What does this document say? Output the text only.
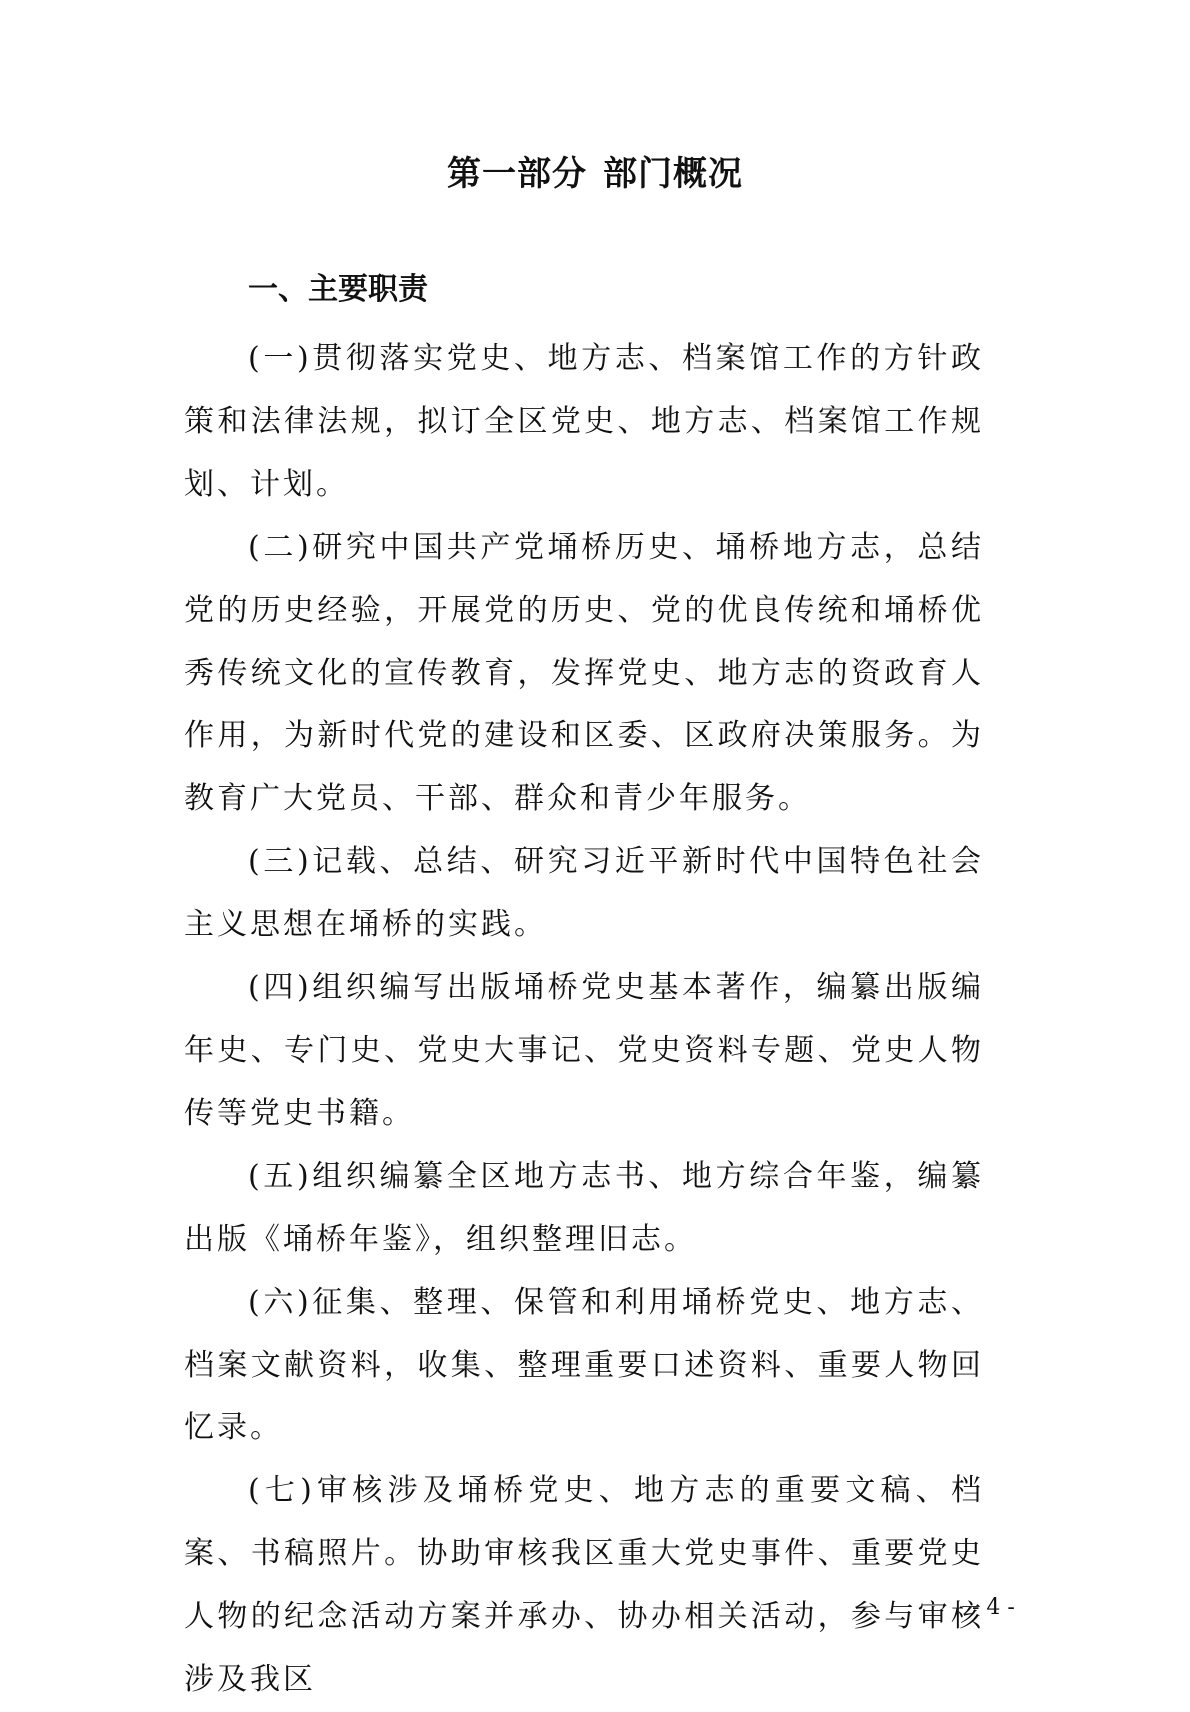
第一部分 部门概况
一、主要职责

(一)贯彻落实党史、地方志、档案馆工作的方针政策和法律法规，拟订全区党史、地方志、档案馆工作规划、计划。

(二)研究中国共产党埇桥历史、埇桥地方志，总结党的历史经验，开展党的历史、党的优良传统和埇桥优秀传统文化的宣传教育，发挥党史、地方志的资政育人作用，为新时代党的建设和区委、区政府决策服务。为教育广大党员、干部、群众和青少年服务。

(三)记载、总结、研究习近平新时代中国特色社会主义思想在埇桥的实践。

(四)组织编写出版埇桥党史基本著作，编纂出版编年史、专门史、党史大事记、党史资料专题、党史人物传等党史书籍。

(五)组织编纂全区地方志书、地方综合年鉴，编纂出版《埇桥年鉴》，组织整理旧志。

(六)征集、整理、保管和利用埇桥党史、地方志、档案文献资料，收集、整理重要口述资料、重要人物回忆录。

(七)审核涉及埇桥党史、地方志的重要文稿、档案、书稿照片。协助审核我区重大党史事件、重要党史人物的纪念活动方案并承办、协办相关活动，参与审核涉及我区

- 4 -
